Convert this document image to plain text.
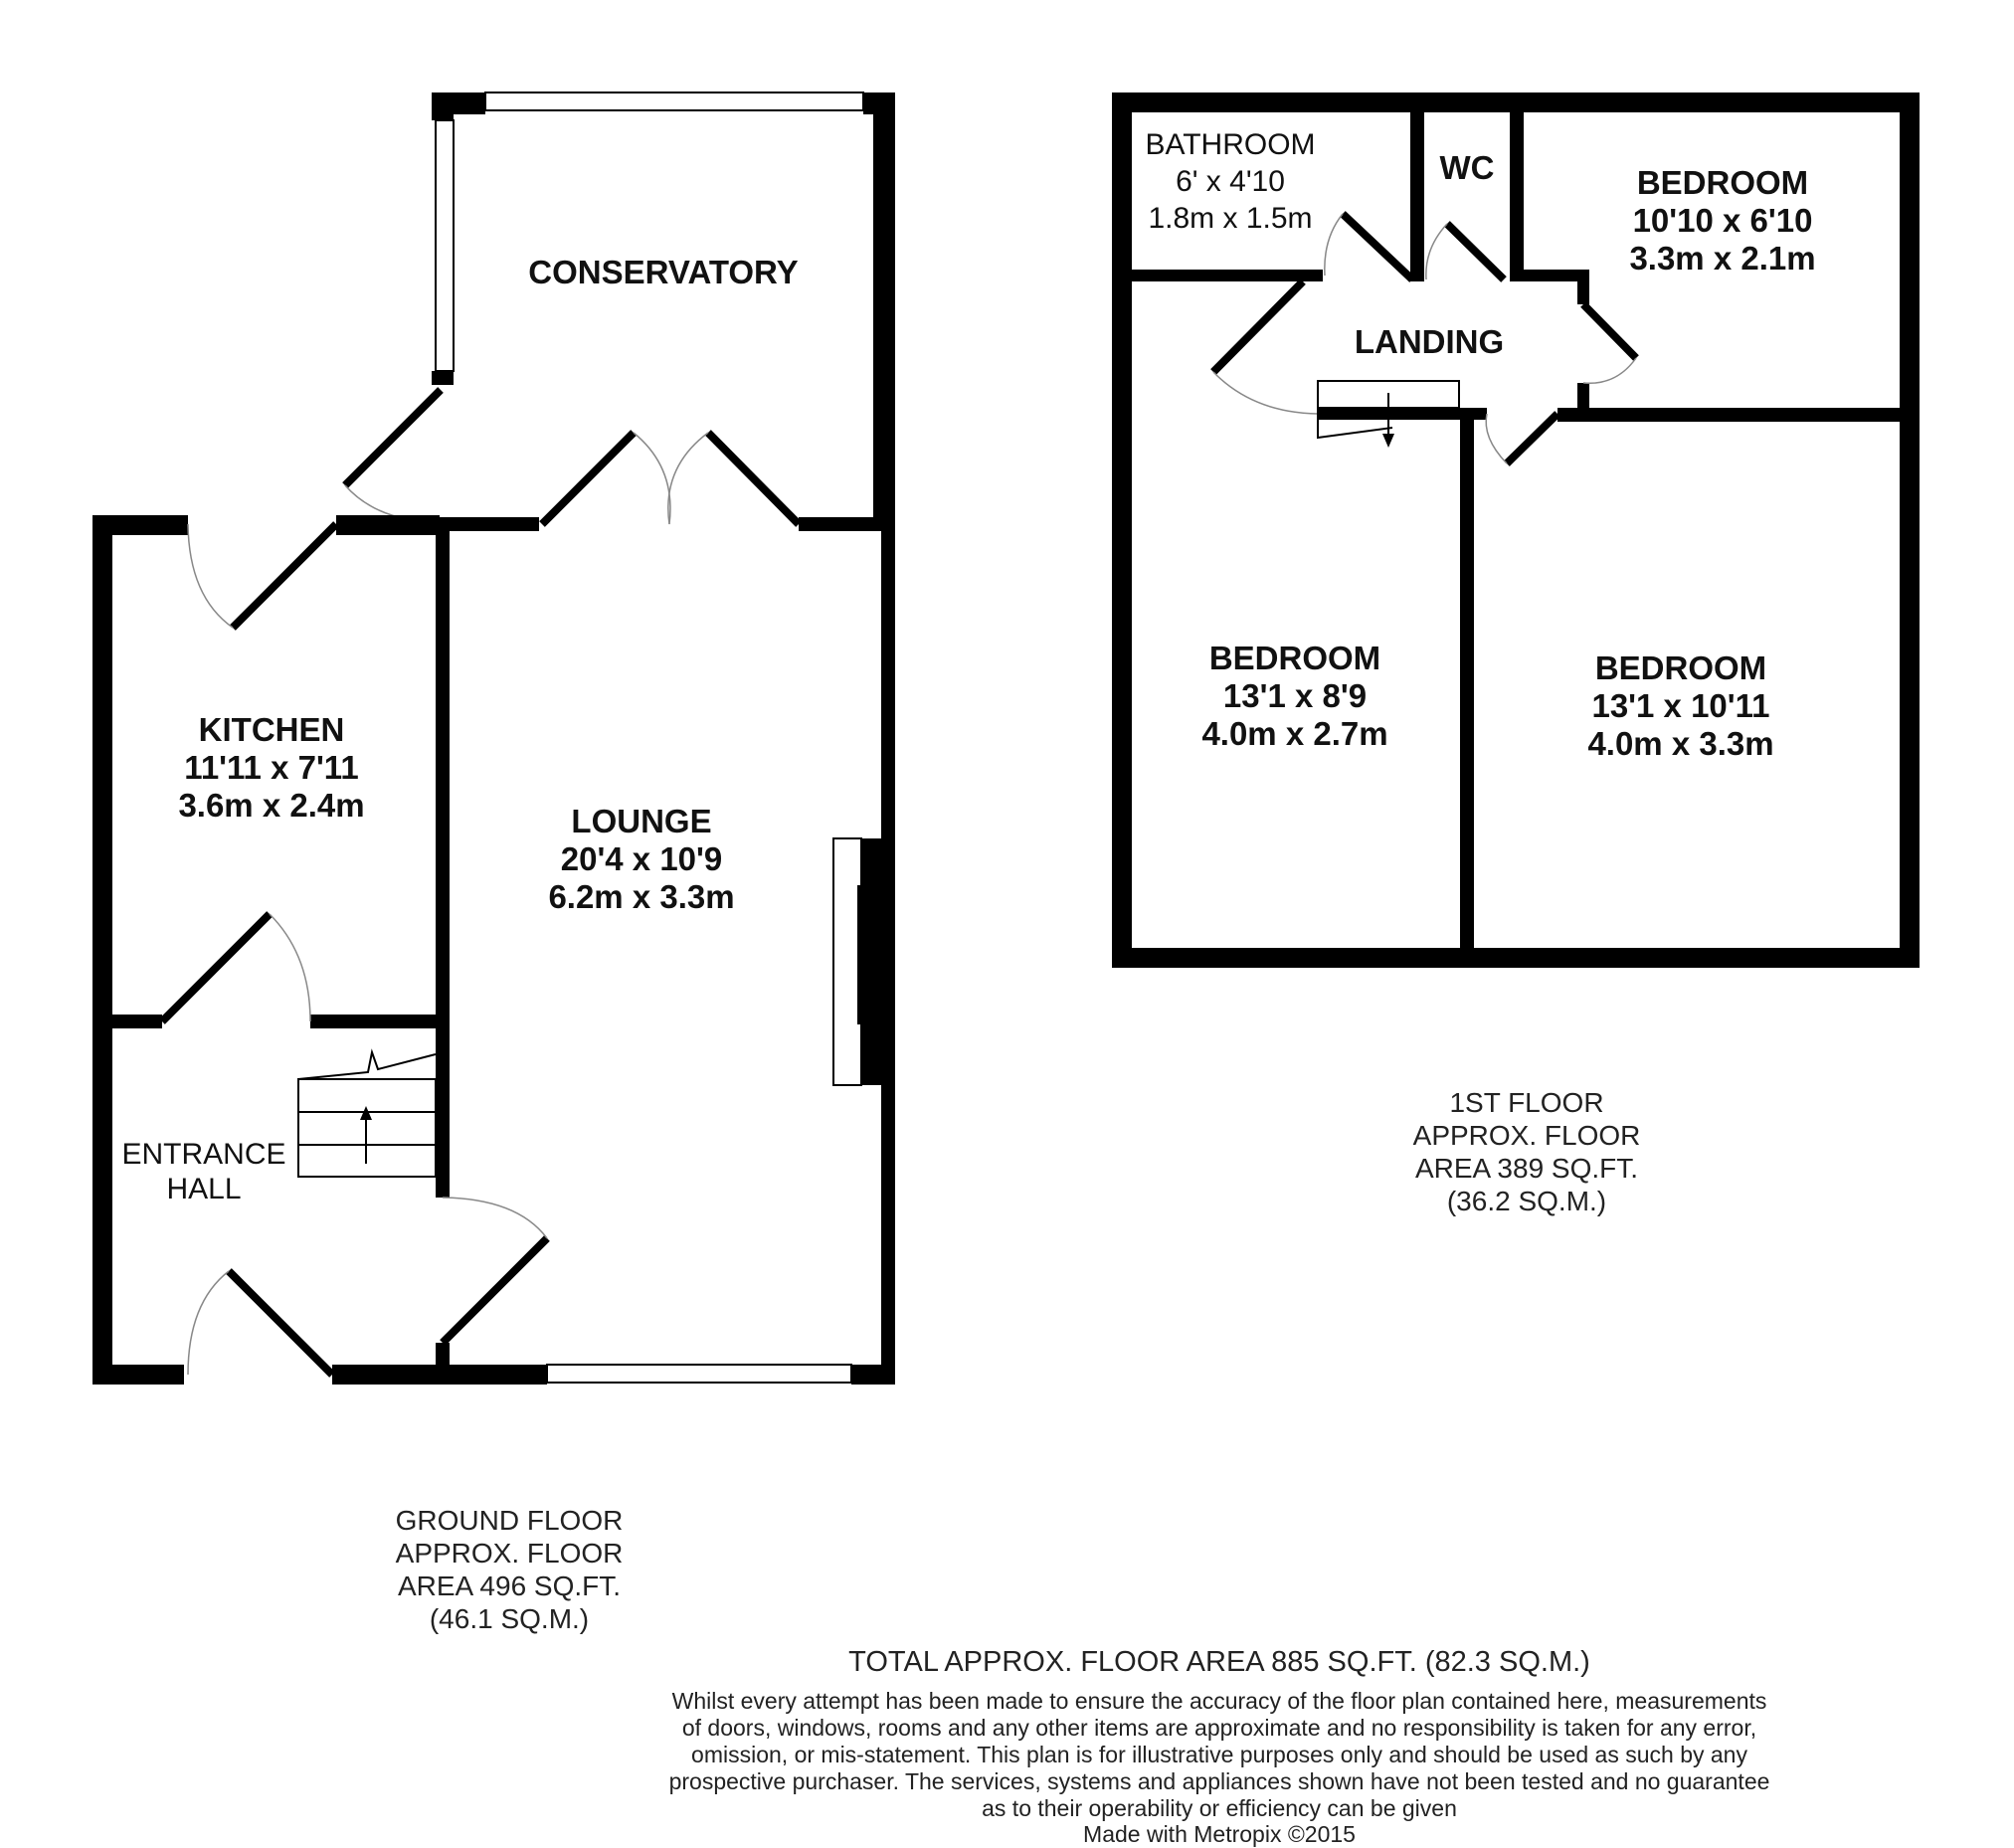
CONSERVATORY
KITCHEN
11'11 x 7'11
3.6m x 2.4m	LOUNGE
20'4 x 10'9
6.2m x 3.3m
ENTRANCE
HALL
BATHROOM
6' x 4'10
1.8m x 1.5m
WC	BEDROOM
10'10 x 6'10
3.3m x 2.1m
LANDING
BEDROOM
13'1 x 8'9
4.0m x 2.7m
BEDROOM
13'1 x 10'11
4.0m x 3.3m
1ST FLOOR
APPROX. FLOOR
AREA 389 SQ.FT.
(36.2 SQ.M.)
GROUND FLOOR
APPROX. FLOOR
AREA 496 SQ.FT.
(46.1 SQ.M.)
TOTAL APPROX. FLOOR AREA 885 SQ.FT. (82.3 SQ.M.)
Whilst every attempt has been made to ensure the accuracy of the floor plan contained here, measurements
of doors, windows, rooms and any other items are approximate and no responsibility is taken for any error,
omission, or mis-statement. This plan is for illustrative purposes only and should be used as such by any
prospective purchaser. The services, systems and appliances shown have not been tested and no guarantee
as to their operability or efficiency can be given
Made with Metropix ©2015
